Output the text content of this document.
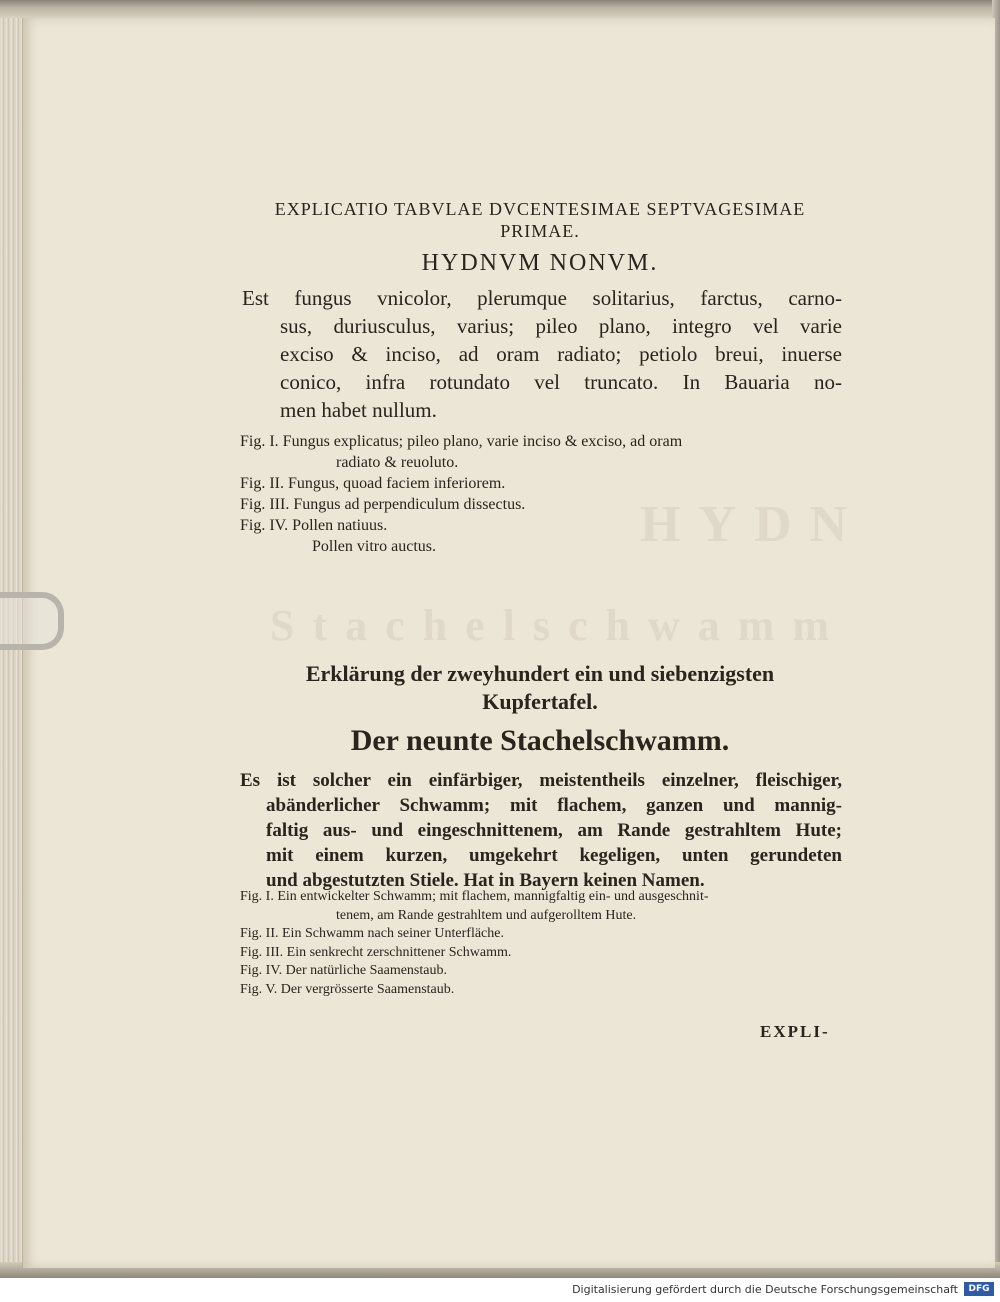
HYDN
Stachelschwamm
EXPLICATIO TABVLAE DVCENTESIMAE SEPTVAGESIMAE
PRIMAE.
HYDNVM NONVM.
Est fungus vnicolor, plerumque solitarius, farctus, carno-
sus, duriusculus, varius; pileo plano, integro vel varie
exciso & inciso, ad oram radiato; petiolo breui, inuerse
conico, infra rotundato vel truncato. In Bauaria no-
men habet nullum.
Fig. I. Fungus explicatus; pileo plano, varie inciso & exciso, ad oram
radiato & reuoluto.
Fig. II. Fungus, quoad faciem inferiorem.
Fig. III. Fungus ad perpendiculum dissectus.
Fig. IV. Pollen natiuus.
Pollen vitro auctus.
Erklärung der zweyhundert ein und siebenzigsten
Kupfertafel.
Der neunte Stachelschwamm.
Es ist solcher ein einfärbiger, meistentheils einzelner, fleischiger,
abänderlicher Schwamm; mit flachem, ganzen und mannig-
faltig aus- und eingeschnittenem, am Rande gestrahltem Hute;
mit einem kurzen, umgekehrt kegeligen, unten gerundeten
und abgestutzten Stiele. Hat in Bayern keinen Namen.
Fig. I. Ein entwickelter Schwamm; mit flachem, mannigfaltig ein- und ausgeschnit-
tenem, am Rande gestrahltem und aufgerolltem Hute.
Fig. II. Ein Schwamm nach seiner Unterfläche.
Fig. III. Ein senkrecht zerschnittener Schwamm.
Fig. IV. Der natürliche Saamenstaub.
Fig. V. Der vergrösserte Saamenstaub.
EXPLI-
Digitalisierung gefördert durch die Deutsche Forschungsgemeinschaft	DFG
